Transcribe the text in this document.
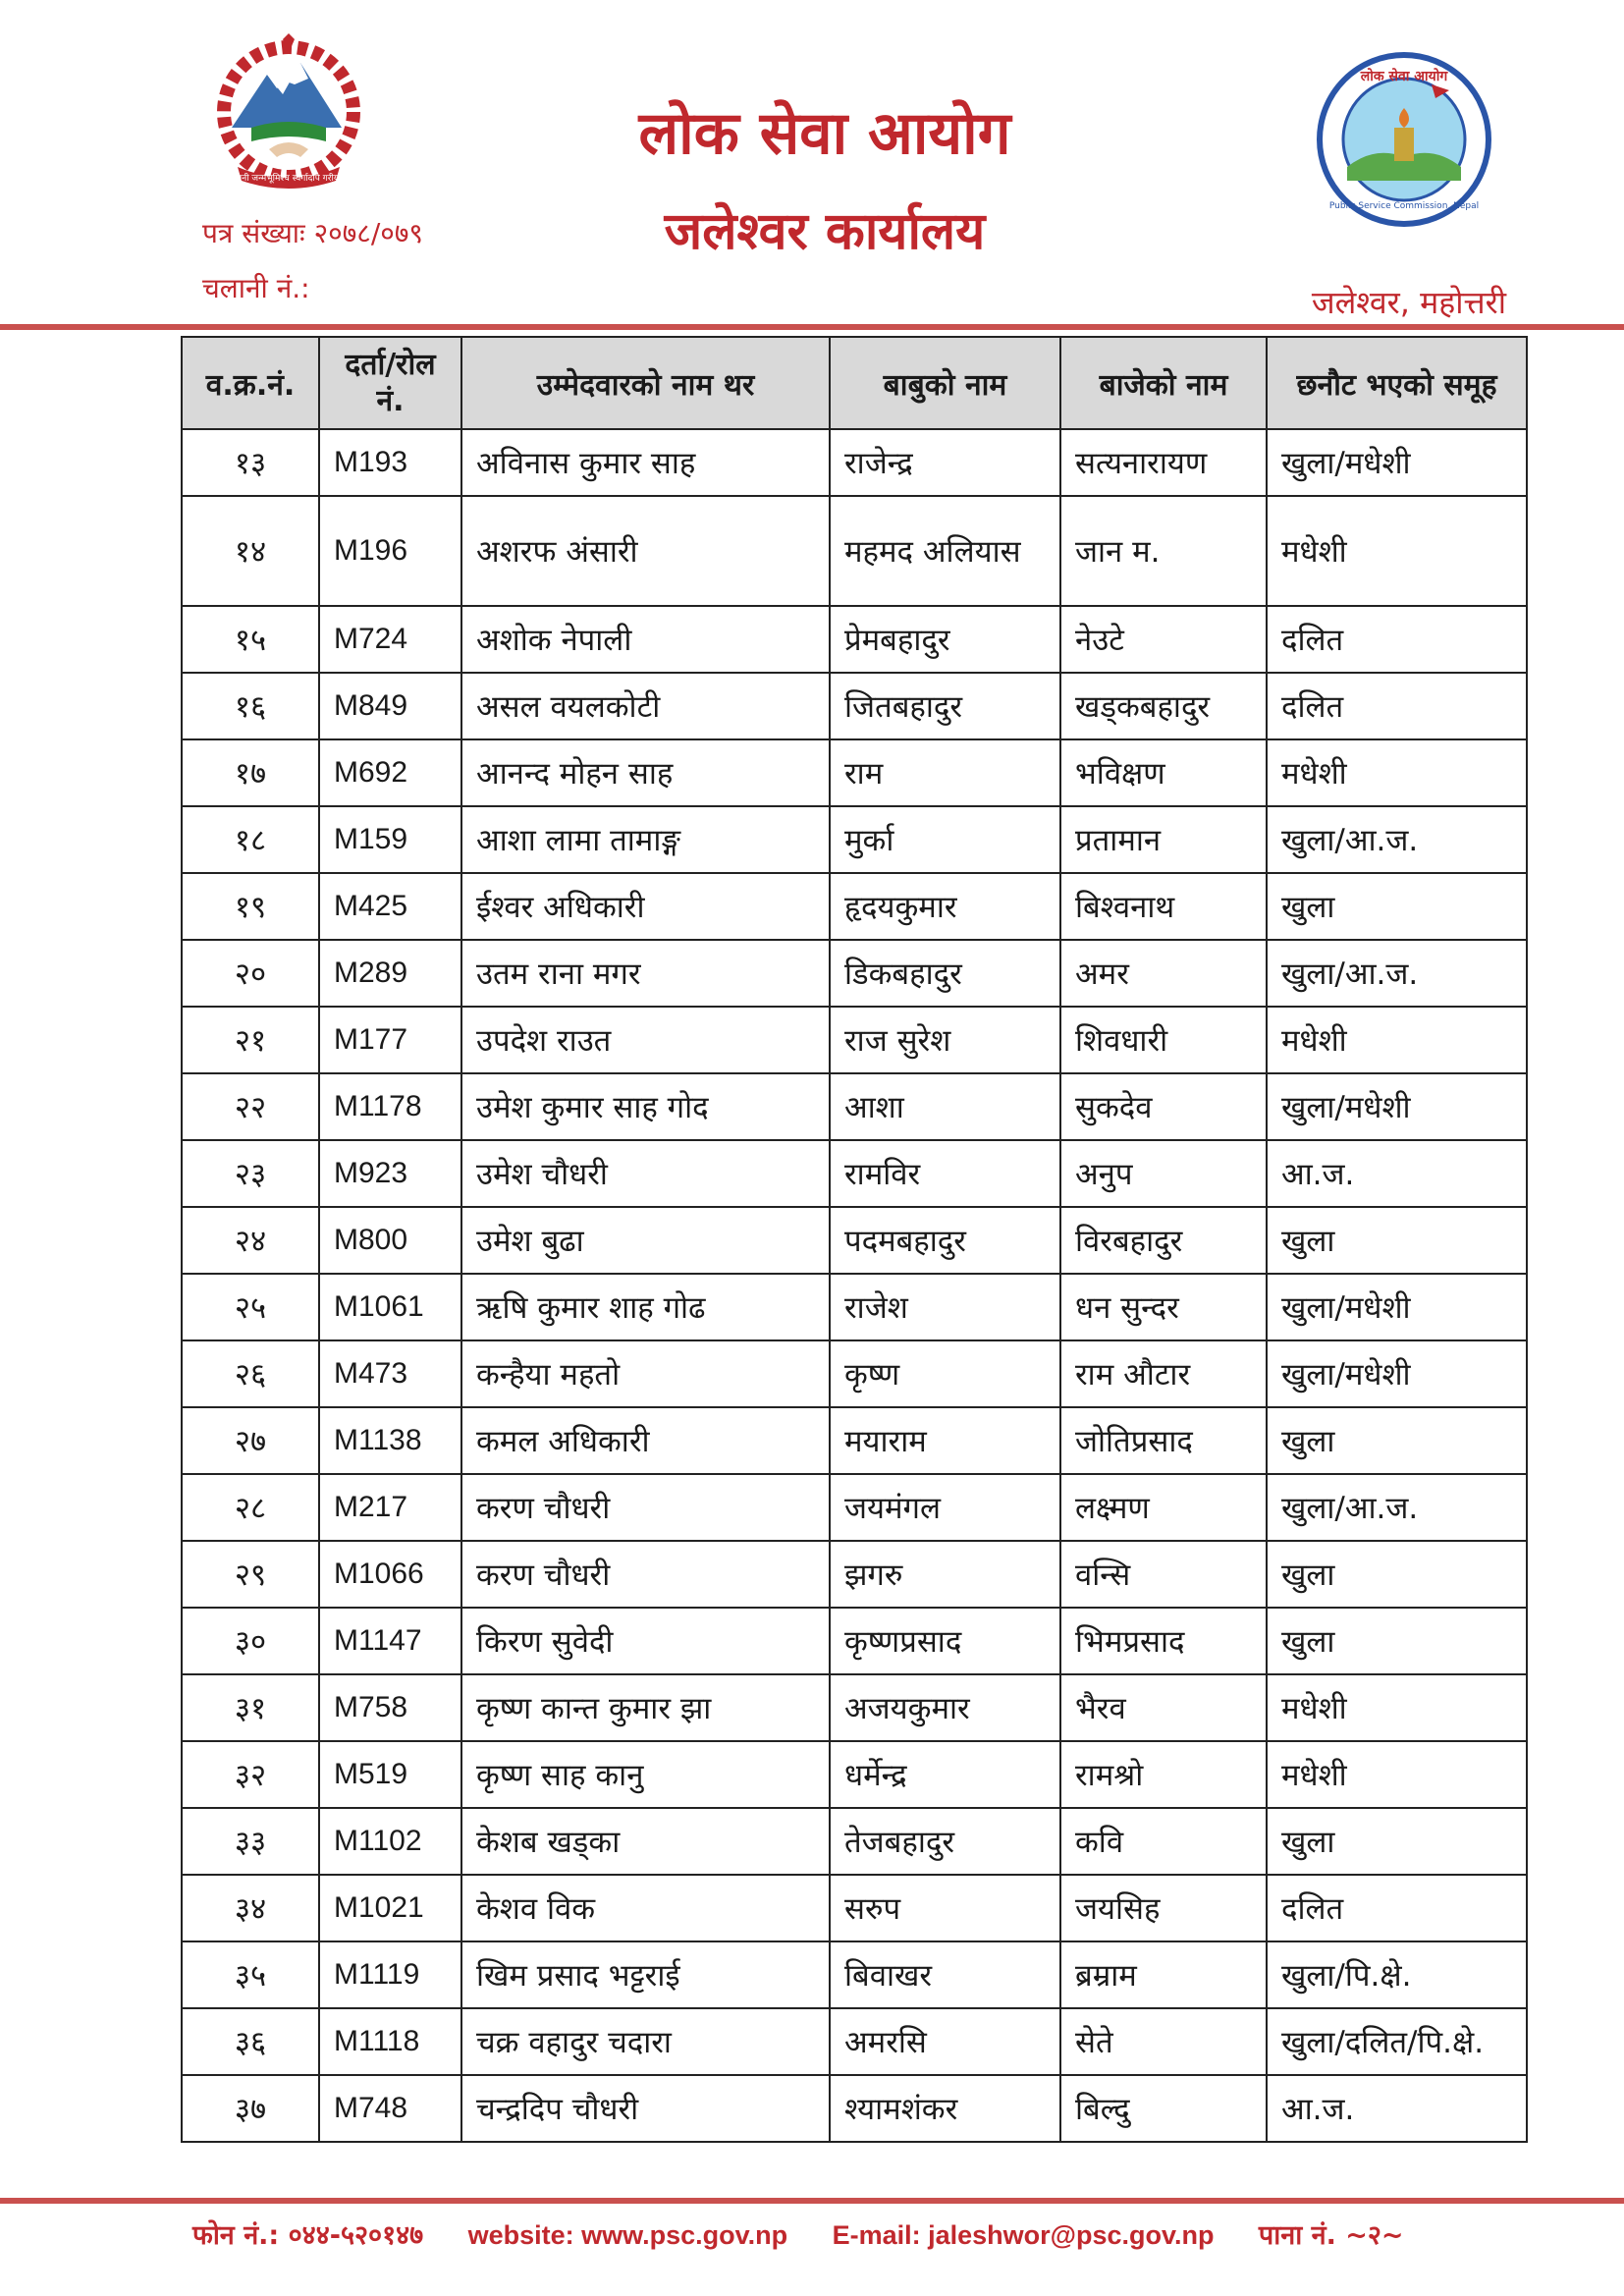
जननी जन्मभूमिश्च स्वर्गादपि गरीयसी
लोक सेवा आयोग
जलेश्वर कार्यालय
लोक सेवा आयोग
Public Service Commission, Nepal
पत्र संख्याः २०७८/०७९
चलानी नं.:	जलेश्वर, महोत्तरी
व.क्र.नं.	दर्ता/रोल नं.	उम्मेदवारको नाम थर	बाबुको नाम	बाजेको नाम	छनौट भएको समूह
१३	M193	अविनास कुमार साह	राजेन्द्र	सत्यनारायण	खुला/मधेशी
१४	M196	अशरफ अंसारी	महमद अलियास	जान म.	मधेशी
१५	M724	अशोक नेपाली	प्रेमबहादुर	नेउटे	दलित
१६	M849	असल वयलकोटी	जितबहादुर	खड्कबहादुर	दलित
१७	M692	आनन्द मोहन साह	राम	भविक्षण	मधेशी
१८	M159	आशा लामा तामाङ्ग	मुर्का	प्रतामान	खुला/आ.ज.
१९	M425	ईश्वर अधिकारी	हृदयकुमार	बिश्वनाथ	खुला
२०	M289	उतम राना मगर	डिकबहादुर	अमर	खुला/आ.ज.
२१	M177	उपदेश राउत	राज सुरेश	शिवधारी	मधेशी
२२	M1178	उमेश कुमार साह गोद	आशा	सुकदेव	खुला/मधेशी
२३	M923	उमेश चौधरी	रामविर	अनुप	आ.ज.
२४	M800	उमेश बुढा	पदमबहादुर	विरबहादुर	खुला
२५	M1061	ऋषि कुमार शाह गोढ	राजेश	धन सुन्दर	खुला/मधेशी
२६	M473	कन्हैया महतो	कृष्ण	राम औटार	खुला/मधेशी
२७	M1138	कमल अधिकारी	मयाराम	जोतिप्रसाद	खुला
२८	M217	करण चौधरी	जयमंगल	लक्ष्मण	खुला/आ.ज.
२९	M1066	करण चौधरी	झगरु	वन्सि	खुला
३०	M1147	किरण सुवेदी	कृष्णप्रसाद	भिमप्रसाद	खुला
३१	M758	कृष्ण कान्त कुमार झा	अजयकुमार	भैरव	मधेशी
३२	M519	कृष्ण साह कानु	धर्मेन्द्र	रामश्रो	मधेशी
३३	M1102	केशब खड्का	तेजबहादुर	कवि	खुला
३४	M1021	केशव विक	सरुप	जयसिह	दलित
३५	M1119	खिम प्रसाद भट्टराई	बिवाखर	ब्रम्राम	खुला/पि.क्षे.
३६	M1118	चक्र वहादुर चदारा	अमरसि	सेते	खुला/दलित/पि.क्षे.
३७	M748	चन्द्रदिप चौधरी	श्यामशंकर	बिल्दु	आ.ज.
फोन नं.: ०४४-५२०१४७ website: www.psc.gov.np E-mail: jaleshwor@psc.gov.np पाना नं. ~२~
